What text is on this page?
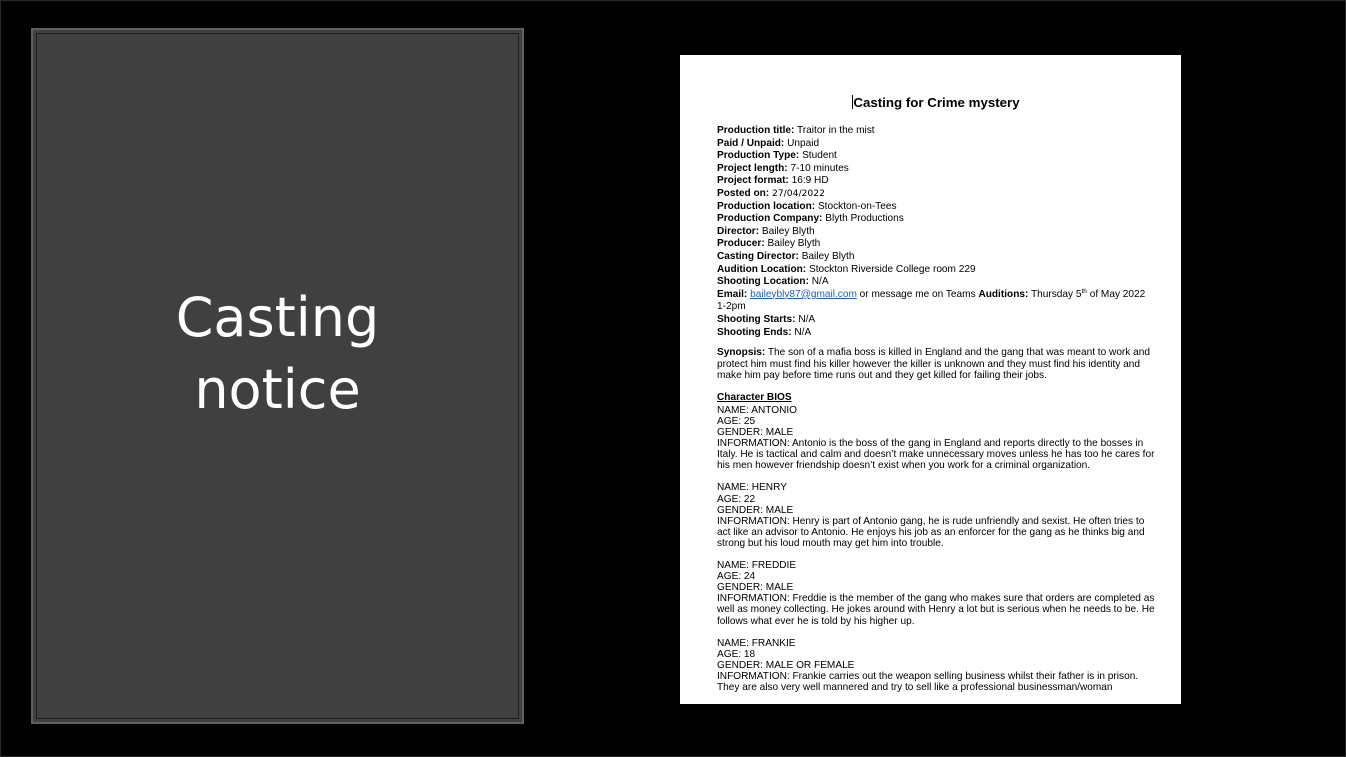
Casting
notice
Casting for Crime mystery
Production title: Traitor in the mist
Paid / Unpaid: Unpaid
Production Type: Student
Project length: 7-10 minutes
Project format: 16:9 HD
Posted on: 27/04/2022
Production location: Stockton-on-Tees
Production Company: Blyth Productions
Director: Bailey Blyth
Producer: Bailey Blyth
Casting Director: Bailey Blyth
Audition Location: Stockton Riverside College room 229
Shooting Location: N/A
Email: baileybly87@gmail.com or message me on Teams Auditions: Thursday 5th of May 2022 1-2pm
Shooting Starts: N/A
Shooting Ends: N/A

Synopsis: The son of a mafia boss is killed in England and the gang that was meant to work and protect him must find his killer however the killer is unknown and they must find his identity and make him pay before time runs out and they get killed for failing their jobs.

Character BIOS

NAME: ANTONIO

AGE: 25

GENDER: MALE

INFORMATION: Antonio is the boss of the gang in England and reports directly to the bosses in Italy. He is tactical and calm and doesn’t make unnecessary moves unless he has too he cares for his men however friendship doesn’t exist when you work for a criminal organization.

NAME: HENRY

AGE: 22

GENDER: MALE

INFORMATION: Henry is part of Antonio gang, he is rude unfriendly and sexist. He often tries to act like an advisor to Antonio. He enjoys his job as an enforcer for the gang as he thinks big and strong but his loud mouth may get him into trouble.

NAME: FREDDIE

AGE: 24

GENDER: MALE

INFORMATION: Freddie is the member of the gang who makes sure that orders are completed as well as money collecting. He jokes around with Henry a lot but is serious when he needs to be. He follows what ever he is told by his higher up.

NAME: FRANKIE

AGE: 18

GENDER: MALE OR FEMALE

INFORMATION: Frankie carries out the weapon selling business whilst their father is in prison. They are also very well mannered and try to sell like a professional businessman/woman
